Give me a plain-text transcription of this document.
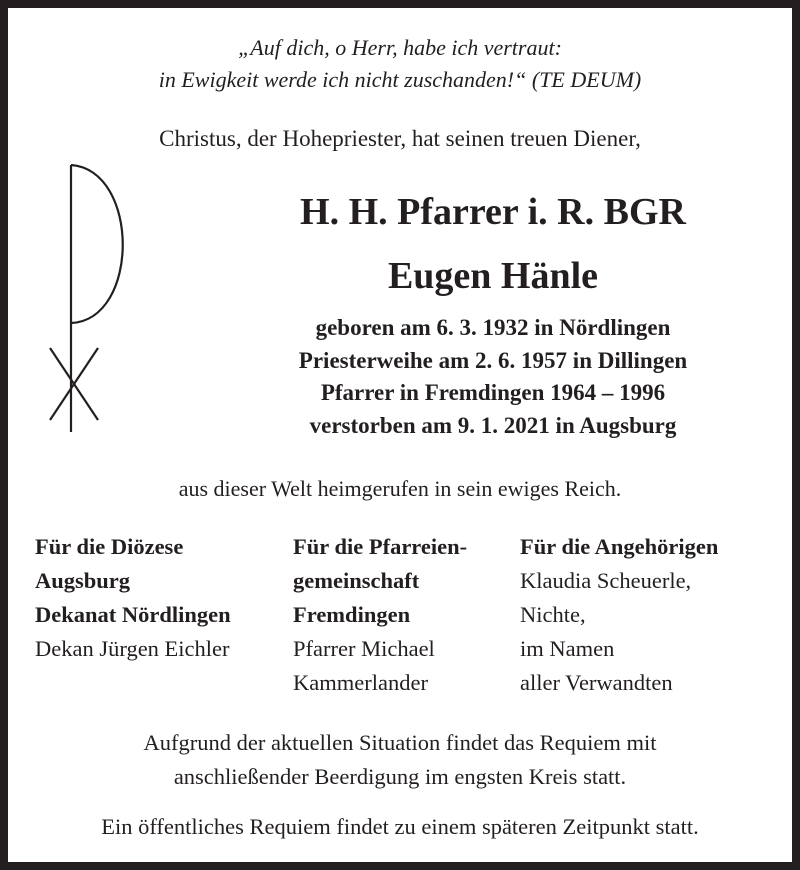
„Auf dich, o Herr, habe ich vertraut:
in Ewigkeit werde ich nicht zuschanden!“ (TE DEUM)
Christus, der Hohepriester, hat seinen treuen Diener,
H. H. Pfarrer i. R. BGR
Eugen Hänle
geboren am 6. 3. 1932 in Nördlingen
Priesterweihe am 2. 6. 1957 in Dillingen
Pfarrer in Fremdingen 1964 – 1996
verstorben am 9. 1. 2021 in Augsburg
aus dieser Welt heimgerufen in sein ewiges Reich.
Für die Diözese
Augsburg
Dekanat Nördlingen
Dekan Jürgen Eichler
Für die Pfarreien-
gemeinschaft
Fremdingen
Pfarrer Michael
Kammerlander
Für die Angehörigen
Klaudia Scheuerle,
Nichte,
im Namen
aller Verwandten
Aufgrund der aktuellen Situation findet das Requiem mit
anschließender Beerdigung im engsten Kreis statt.
Ein öffentliches Requiem findet zu einem späteren Zeitpunkt statt.
